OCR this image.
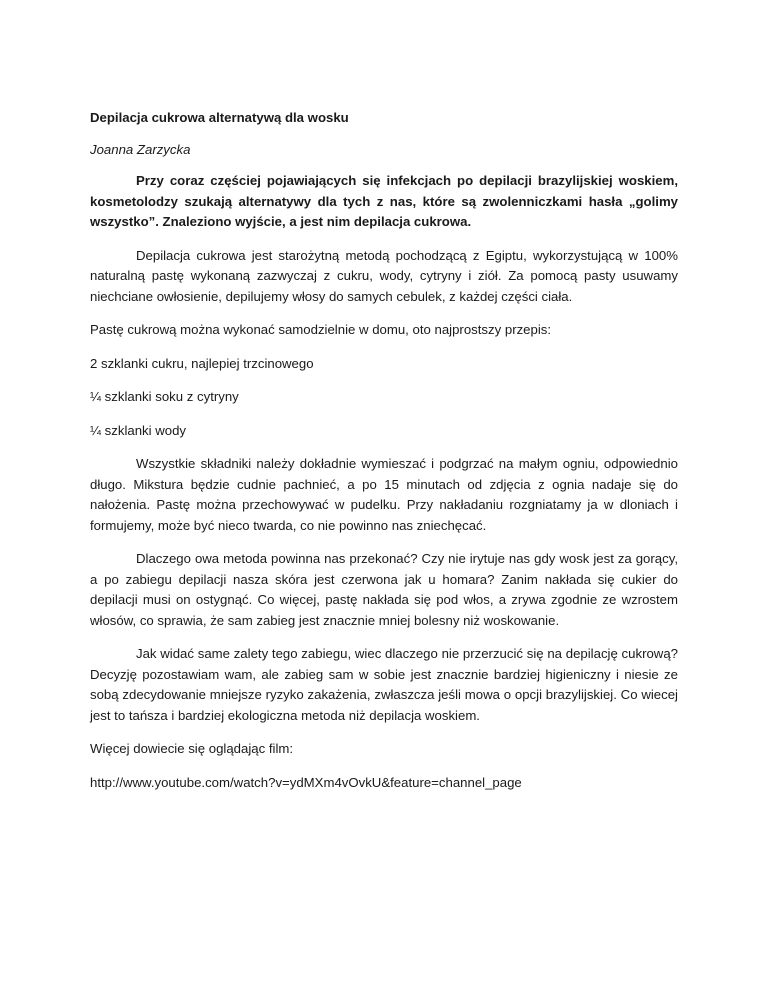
Depilacja cukrowa alternatywą dla wosku

Joanna Zarzycka

Przy coraz częściej pojawiających się infekcjach po depilacji brazylijskiej woskiem, kosmetolodzy szukają alternatywy dla tych z nas, które są zwolenniczkami hasła „golimy wszystko”. Znaleziono wyjście, a jest nim depilacja cukrowa.

Depilacja cukrowa jest starożytną metodą pochodzącą z Egiptu, wykorzystującą w 100% naturalną pastę wykonaną zazwyczaj z cukru, wody, cytryny i ziół. Za pomocą pasty usuwamy niechciane owłosienie, depilujemy włosy do samych cebulek, z każdej części ciała.

Pastę cukrową można wykonać samodzielnie w domu, oto najprostszy przepis:

2 szklanki cukru, najlepiej trzcinowego

¼ szklanki soku z cytryny

¼ szklanki wody

Wszystkie składniki należy dokładnie wymieszać i podgrzać na małym ogniu, odpowiednio długo. Mikstura będzie cudnie pachnieć, a po 15 minutach od zdjęcia z ognia nadaje się do nałożenia. Pastę można przechowywać w pudelku. Przy nakładaniu rozgniatamy ja w dloniach i formujemy, może być nieco twarda, co nie powinno nas zniechęcać.

Dlaczego owa metoda powinna nas przekonać? Czy nie irytuje nas gdy wosk jest za gorący, a po zabiegu depilacji nasza skóra jest czerwona jak u homara? Zanim nakłada się cukier do depilacji musi on ostygnąć. Co więcej, pastę nakłada się pod włos, a zrywa zgodnie ze wzrostem włosów, co sprawia, że sam zabieg jest znacznie mniej bolesny niż woskowanie.

Jak widać same zalety tego zabiegu, wiec dlaczego nie przerzucić się na depilację cukrową? Decyzję pozostawiam wam, ale zabieg sam w sobie jest znacznie bardziej higieniczny i niesie ze sobą zdecydowanie mniejsze ryzyko zakażenia, zwłaszcza jeśli mowa o opcji brazylijskiej. Co wiecej jest to tańsza i bardziej ekologiczna metoda niż depilacja woskiem.

Więcej dowiecie się oglądając film:

http://www.youtube.com/watch?v=ydMXm4vOvkU&feature=channel_page
